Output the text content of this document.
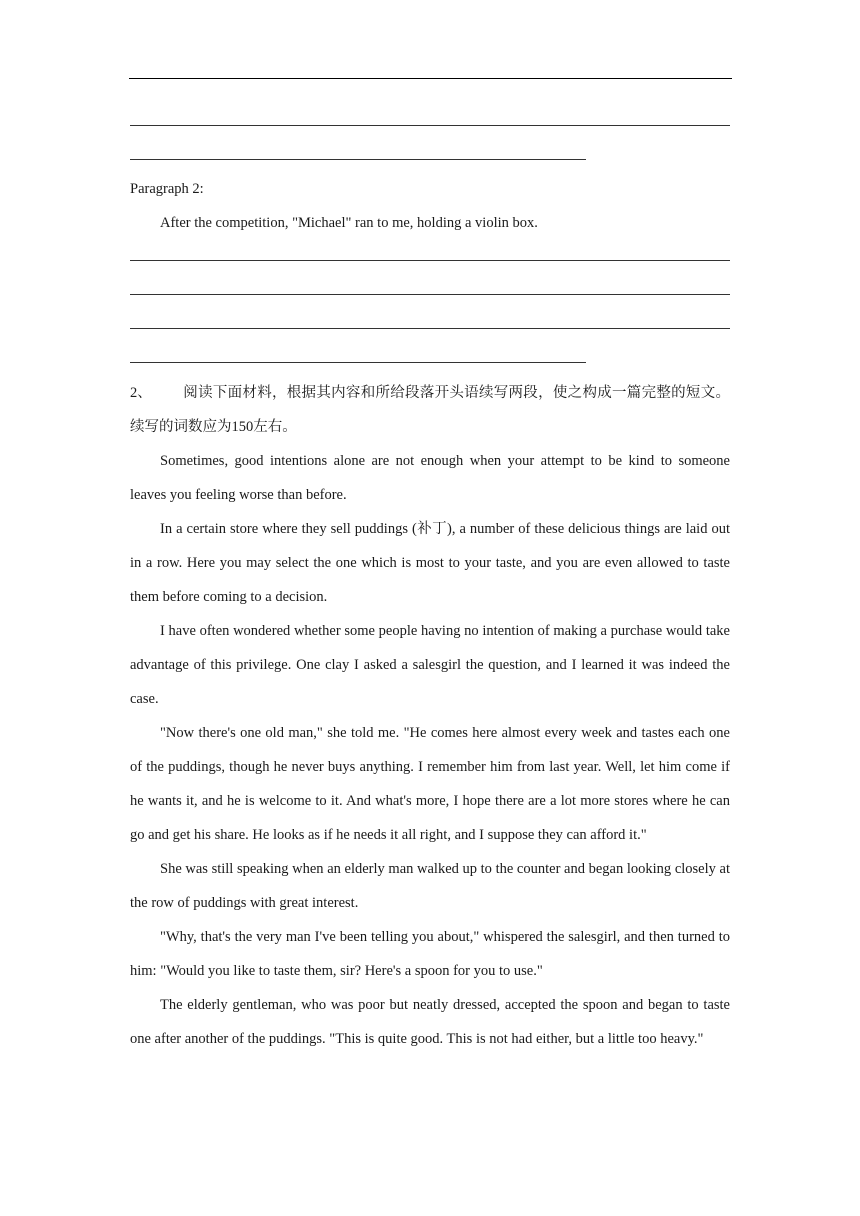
Paragraph 2:
After the competition, "Michael" ran to me, holding a violin box.

2、 阅读下面材料，根据其内容和所给段落开头语续写两段，使之构成一篇完整的短文。续写的词数应为150左右。

Sometimes, good intentions alone are not enough when your attempt to be kind to someone leaves you feeling worse than before.

In a certain store where they sell puddings (补丁), a number of these delicious things are laid out in a row. Here you may select the one which is most to your taste, and you are even allowed to taste them before coming to a decision.

I have often wondered whether some people having no intention of making a purchase would take advantage of this privilege. One clay I asked a salesgirl the question, and I learned it was indeed the case.

"Now there's one old man," she told me. "He comes here almost every week and tastes each one of the puddings, though he never buys anything. I remember him from last year. Well, let him come if he wants it, and he is welcome to it. And what's more, I hope there are a lot more stores where he can go and get his share. He looks as if he needs it all right, and I suppose they can afford it."

She was still speaking when an elderly man walked up to the counter and began looking closely at the row of puddings with great interest.

"Why, that's the very man I've been telling you about," whispered the salesgirl, and then turned to him: "Would you like to taste them, sir? Here's a spoon for you to use."

The elderly gentleman, who was poor but neatly dressed, accepted the spoon and began to taste one after another of the puddings. "This is quite good. This is not had either, but a little too heavy."
